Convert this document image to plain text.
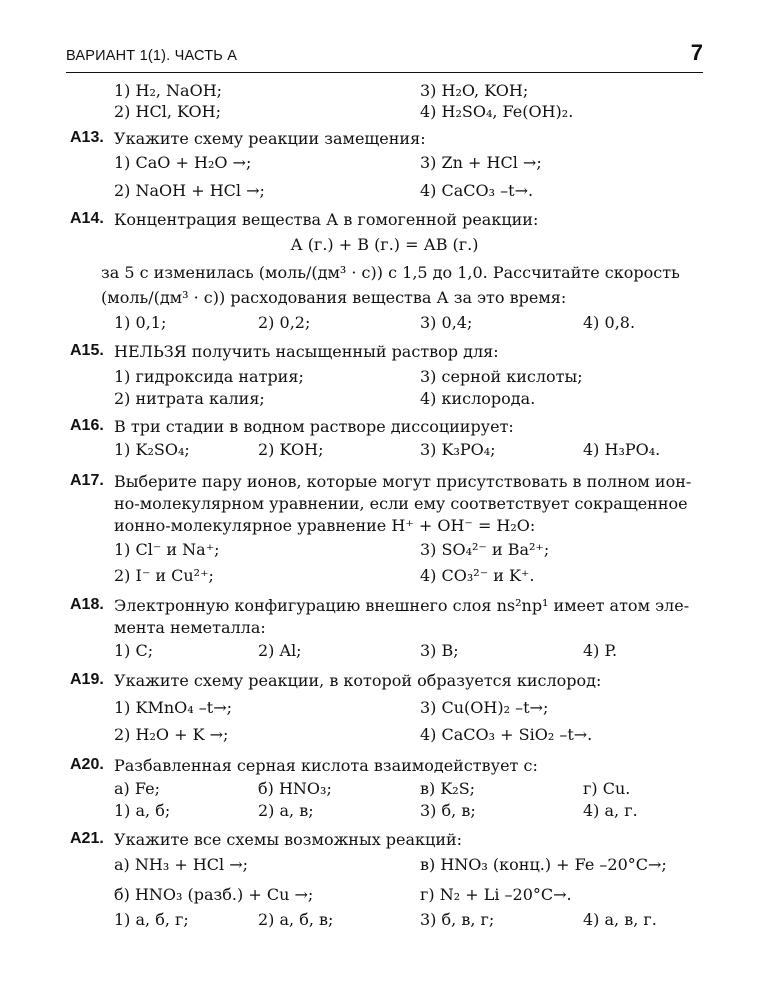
ВАРИАНТ 1(1). ЧАСТЬ А	7
1) H₂, NaOH;	3) H₂O, KOH;
2) HCl, KOH;	4) H₂SO₄, Fe(OH)₂.
А13. Укажите схему реакции замещения:
1) CaO + H₂O →;	3) Zn + HCl →;
2) NaOH + HCl →;	4) CaCO₃ –t→.
А14. Концентрация вещества А в гомогенной реакции:
А (г.) + В (г.) = АВ (г.)
за 5 с изменилась (моль/(дм³ · с)) с 1,5 до 1,0. Рассчитайте скорость
(моль/(дм³ · с)) расходования вещества А за это время:
1) 0,1;	2) 0,2;	3) 0,4;	4) 0,8.
А15. НЕЛЬЗЯ получить насыщенный раствор для:
1) гидроксида натрия;	3) серной кислоты;
2) нитрата калия;	4) кислорода.
А16. В три стадии в водном растворе диссоциирует:
1) K₂SO₄;	2) KOH;	3) K₃PO₄;	4) H₃PO₄.
А17. Выберите пару ионов, которые могут присутствовать в полном ион-
но-молекулярном уравнении, если ему соответствует сокращенное
ионно-молекулярное уравнение H⁺ + OH⁻ = H₂O:
1) Cl⁻ и Na⁺;	3) SO₄²⁻ и Ba²⁺;
2) I⁻ и Cu²⁺;	4) CO₃²⁻ и K⁺.
А18. Электронную конфигурацию внешнего слоя ns²np¹ имеет атом эле-
мента неметалла:
1) C;	2) Al;	3) B;	4) P.
А19. Укажите схему реакции, в которой образуется кислород:
1) KMnO₄ –t→;	3) Cu(OH)₂ –t→;
2) H₂O + K →;	4) CaCO₃ + SiO₂ –t→.
А20. Разбавленная серная кислота взаимодействует с:
а) Fe;	б) HNO₃;	в) K₂S;	г) Cu.
1) а, б;	2) а, в;	3) б, в;	4) а, г.
А21. Укажите все схемы возможных реакций:
а) NH₃ + HCl →;	в) HNO₃ (конц.) + Fe –20°C→;
б) HNO₃ (разб.) + Cu →;	г) N₂ + Li –20°C→.
1) а, б, г;	2) а, б, в;	3) б, в, г;	4) а, в, г.
